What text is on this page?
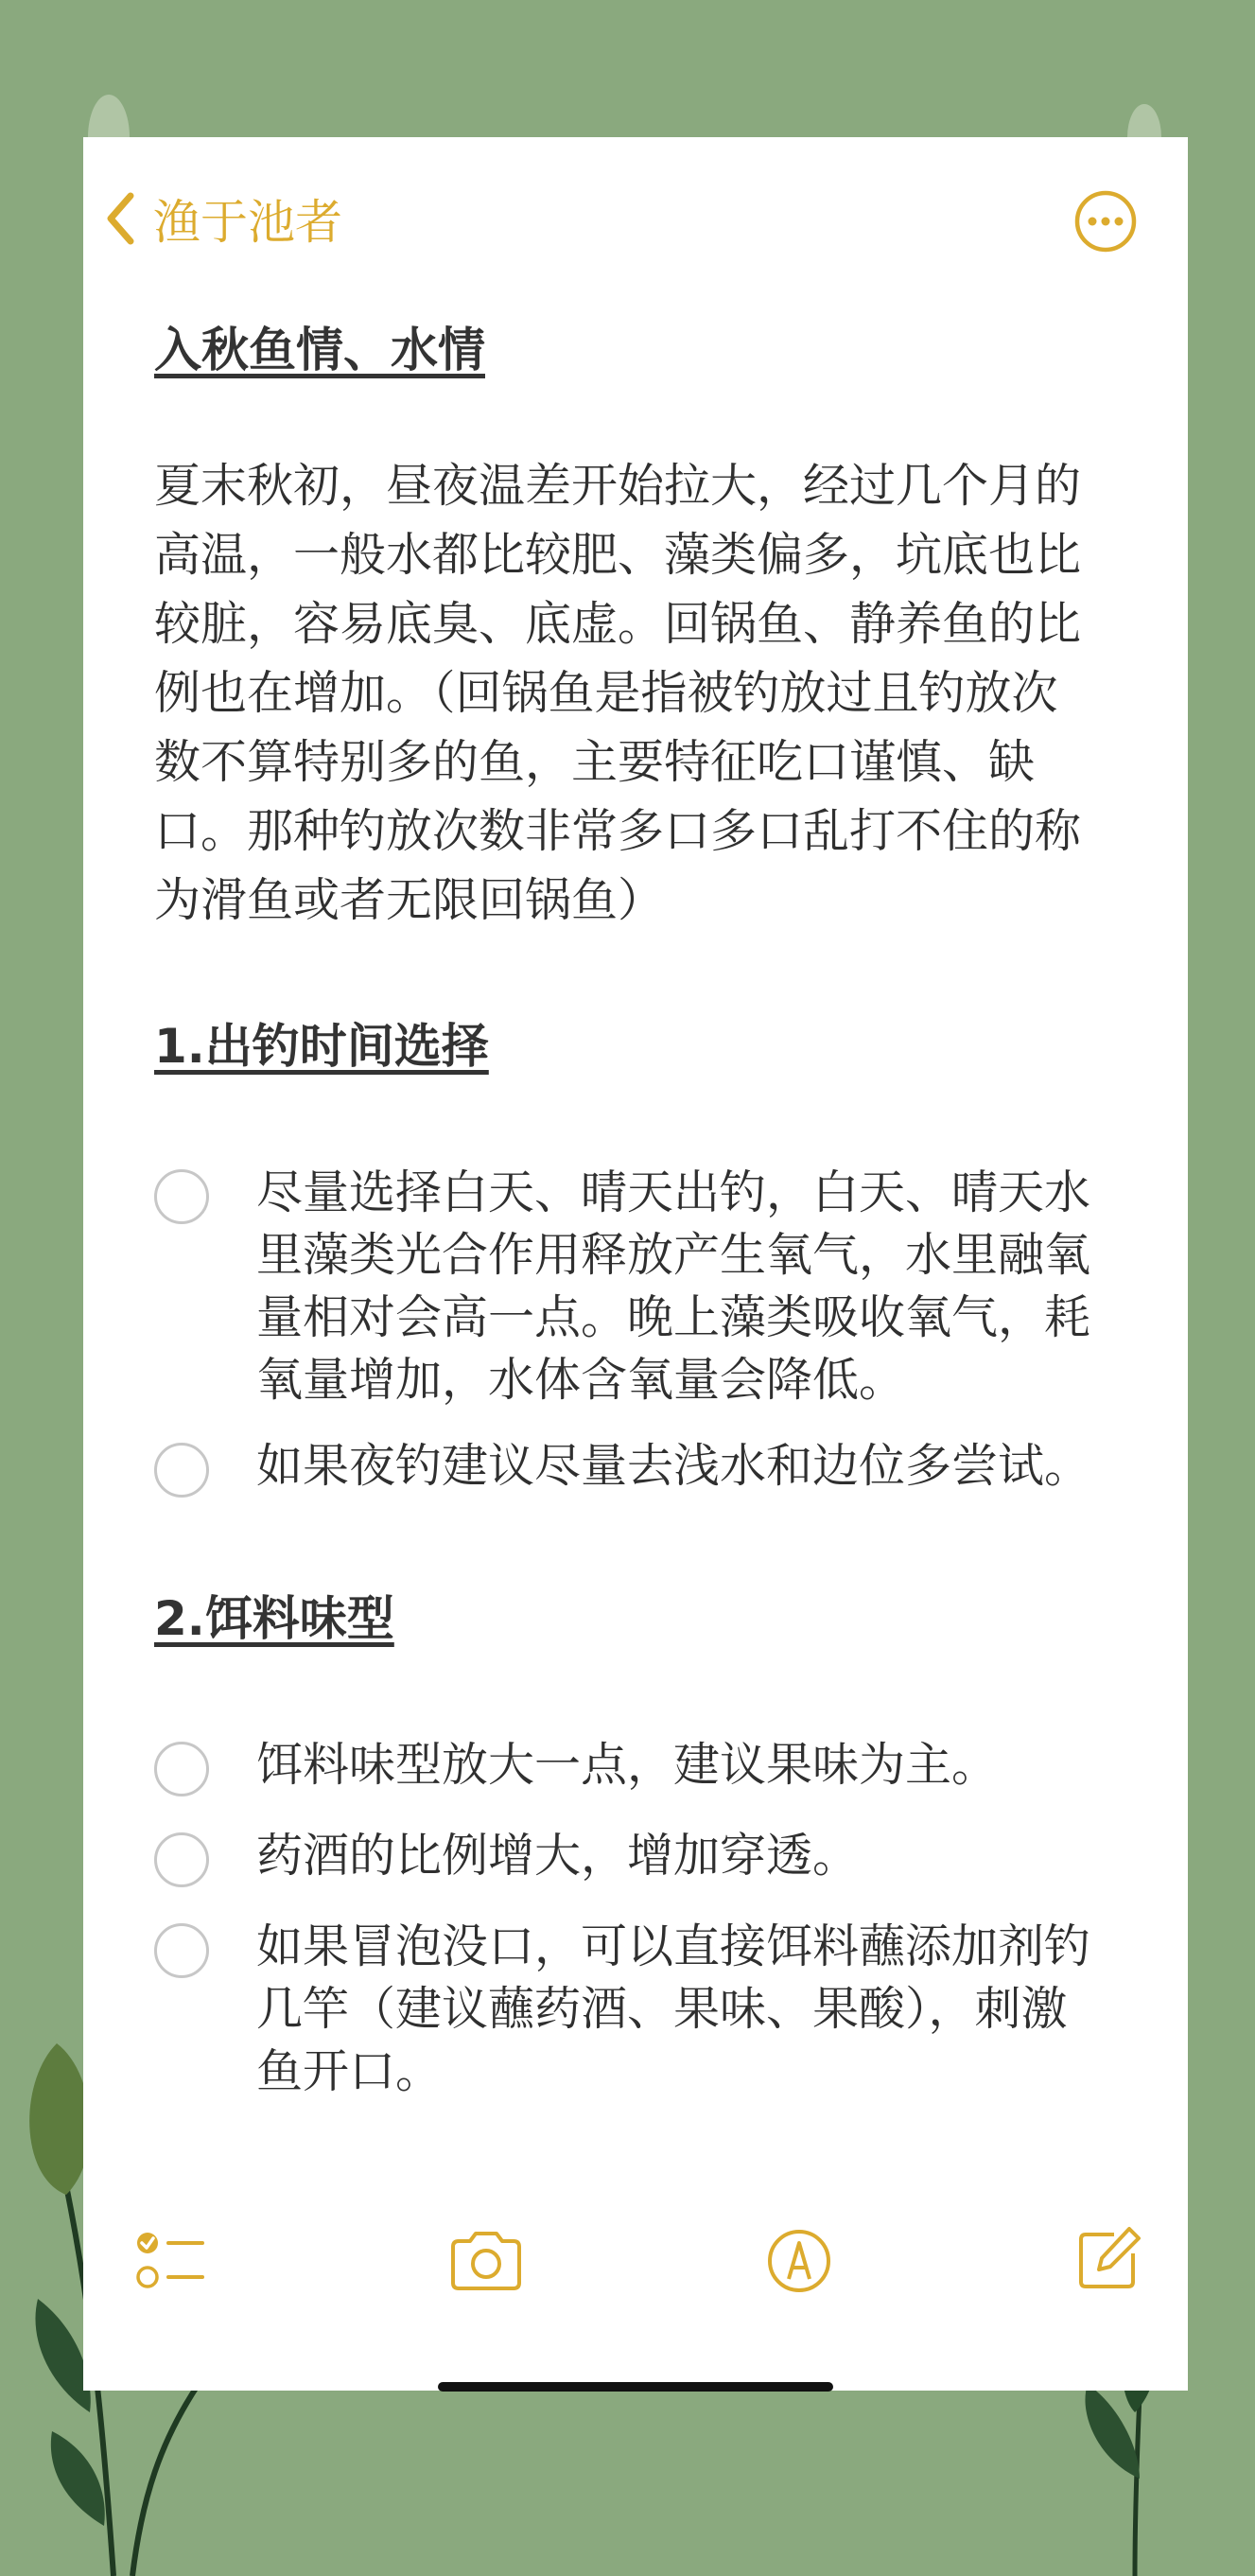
渔于池者
入秋鱼情、水情

夏末秋初，昼夜温差开始拉大，经过几个月的高温，一般水都比较肥、藻类偏多，坑底也比较脏，容易底臭、底虚。回锅鱼、静养鱼的比例也在增加。（回锅鱼是指被钓放过且钓放次数不算特别多的鱼，主要特征吃口谨慎、缺口。那种钓放次数非常多口多口乱打不住的称为滑鱼或者无限回锅鱼）

1.出钓时间选择
尽量选择白天、晴天出钓，白天、晴天水里藻类光合作用释放产生氧气，水里融氧量相对会高一点。晚上藻类吸收氧气，耗氧量增加，水体含氧量会降低。
如果夜钓建议尽量去浅水和边位多尝试。
2.饵料味型
饵料味型放大一点，建议果味为主。
药酒的比例增大，增加穿透。
如果冒泡没口，可以直接饵料蘸添加剂钓几竿（建议蘸药酒、果味、果酸），刺激鱼开口。
